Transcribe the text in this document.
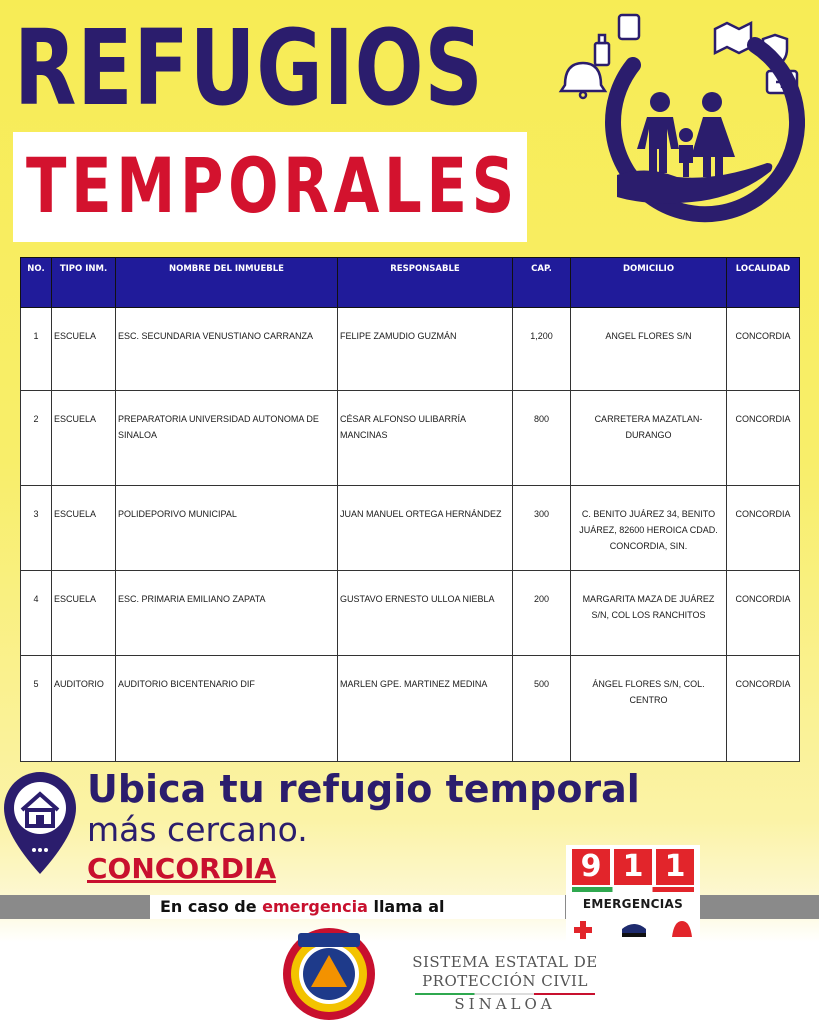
REFUGIOS
TEMPORALES
NO.	TIPO INM.	NOMBRE DEL INMUEBLE	RESPONSABLE	CAP.	DOMICILIO	LOCALIDAD
1	ESCUELA	ESC. SECUNDARIA VENUSTIANO CARRANZA	FELIPE ZAMUDIO GUZMÁN	1,200	ANGEL FLORES S/N	CONCORDIA
2	ESCUELA	PREPARATORIA UNIVERSIDAD AUTONOMA DE SINALOA	CÉSAR ALFONSO ULIBARRÍA MANCINAS	800	CARRETERA MAZATLAN-DURANGO	CONCORDIA
3	ESCUELA	POLIDEPORIVO MUNICIPAL	JUAN MANUEL ORTEGA HERNÁNDEZ	300	C. BENITO JUÁREZ 34, BENITO JUÁREZ, 82600 HEROICA CDAD. CONCORDIA, SIN.	CONCORDIA
4	ESCUELA	ESC. PRIMARIA EMILIANO ZAPATA	GUSTAVO ERNESTO ULLOA NIEBLA	200	MARGARITA MAZA DE JUÁREZ S/N, COL LOS RANCHITOS	CONCORDIA
5	AUDITORIO	AUDITORIO BICENTENARIO DIF	MARLEN GPE. MARTINEZ MEDINA	500	ÁNGEL FLORES S/N, COL. CENTRO	CONCORDIA
Ubica tu refugio temporal
más cercano.
CONCORDIA
En caso de emergencia llama al
9 1 1
EMERGENCIAS
SISTEMA ESTATAL DE
PROTECCIÓN CIVIL
SINALOA
